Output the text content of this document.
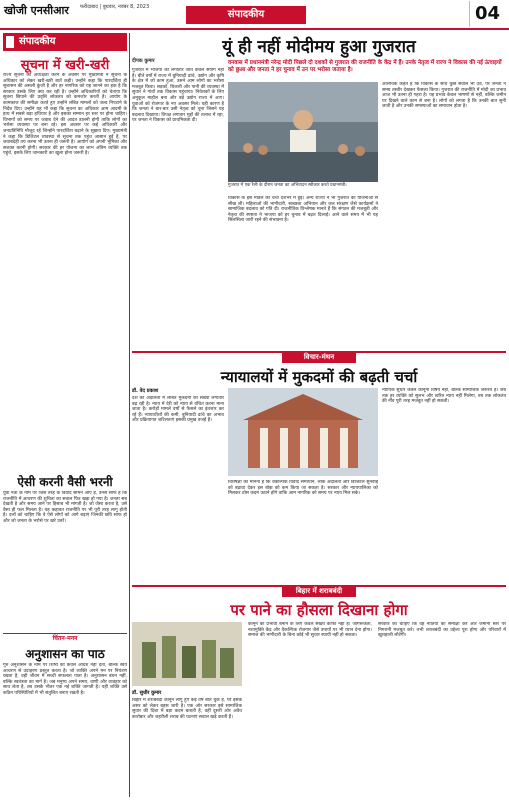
खोजी एनसीआर फरीदाबाद | बुधवार, नवंबर 8, 2023
संपादकीय	04
संपादकीय
सूचना में खरी-खरी
राज्य सूचना की अध्यक्षता करने के अवसर पर मुख्यमंत्री ने सूचना के अधिकार को लेकर खरी-खरी बातें कही। उन्होंने कहा कि पारदर्शिता ही सुशासन की असली कुंजी है और हर नागरिक को यह जानने का हक है कि सरकार उसके लिए क्या कर रही है। उन्होंने अधिकारियों को चेताया कि सूचना छिपाने की प्रवृत्ति लोकतंत्र को कमजोर करती है। आयोग के कामकाज की समीक्षा करते हुए उन्होंने लंबित मामलों को जल्द निपटाने के निर्देश दिए। उन्होंने यह भी कहा कि सूचना का अधिकार आम आदमी के हाथ में सबसे बड़ा हथियार है और इसका सम्मान हर स्तर पर होना चाहिए। विभागों को समय पर जवाब देने की आदत डालनी होगी ताकि लोगों का भरोसा व्यवस्था पर बना रहे। इस अवसर पर कई अधिकारी और जनप्रतिनिधि मौजूद रहे जिन्होंने पारदर्शिता बढ़ाने के सुझाव दिए। मुख्यमंत्री ने कहा कि डिजिटल व्यवस्था से सूचना तक पहुंच आसान हुई है, पर जवाबदेही तय करना भी उतना ही जरूरी है। आयोग को अपनी भूमिका और सशक्त करनी होगी। सरकार की हर योजना का लाभ अंतिम व्यक्ति तक पहुंचे, इसके लिए जानकारी का खुला होना जरूरी है।
ऐसी करनी वैसी भरनी
युवा नेता के नाम पर जिस तरह के विवाद सामने आए हैं, उनसे साफ है कि राजनीति में आचरण की शुचिता का सवाल फिर खड़ा हो गया है। जनता सब देखती है और समय आने पर हिसाब भी मांगती है। जो जैसा करता है, उसे वैसा ही फल मिलता है। यह कहावत राजनीति पर भी पूरी तरह लागू होती है। दलों को चाहिए कि वे ऐसे लोगों को आगे बढ़ाएं जिनकी छवि साफ हो और जो जनता के भरोसे पर खरे उतरें।
चिंतन-मनन
अनुशासन का पाठ
गुरु अनुशासन के नाम पर शिष्य को केवल आदेश नहीं देता, बल्कि स्वयं आचरण से उदाहरण प्रस्तुत करता है। जो व्यक्ति अपने मन पर नियंत्रण रखता है, वही जीवन में सच्ची सफलता पाता है। अनुशासन बंधन नहीं, बल्कि स्वतंत्रता का मार्ग है। जब मनुष्य अपने समय, वाणी और व्यवहार को साध लेता है, तब उसके भीतर एक नई शक्ति जागती है। यही शक्ति उसे कठिन परिस्थितियों में भी संतुलित बनाए रखती है।
यूं ही नहीं मोदीमय हुआ गुजरात
दीपक कुमार	वनवास में प्रधानमंत्री नरेन्द्र मोदी पिछले दो दशकों से गुजरात की राजनीति के केंद्र में हैं। उनके नेतृत्व में राज्य ने विकास की नई ऊंचाइयों को छुआ और जनता ने हर चुनाव में उन पर भरोसा जताया है।
गुजरात में भाजपा की लगातार जीत केवल संयोग नहीं है। बीते वर्षों में राज्य में बुनियादी ढांचे, उद्योग और कृषि के क्षेत्र में जो काम हुआ, उसने आम लोगों का भरोसा मजबूत किया। सड़कों, बिजली और पानी की व्यवस्था में सुधार ने गांवों तक विकास पहुंचाया। निवेशकों के लिए अनुकूल माहौल बना और बड़े उद्योग राज्य में आए। युवाओं को रोजगार के नए अवसर मिले। यही कारण है कि जनता ने बार-बार उसी नेतृत्व को चुना जिसने यह बदलाव दिखाया। विपक्ष लगातार मुद्दों की तलाश में रहा, पर जनता ने विकास को प्राथमिकता दी।
गुजरात में एक रैली के दौरान जनता का अभिवादन स्वीकार करते प्रधानमंत्री।
विकास के इस मॉडल की चर्चा देशभर में हुई। अन्य राज्यों ने भी गुजरात की योजनाओं से सीख ली। महिलाओं की भागीदारी, स्वच्छता अभियान और जल संरक्षण जैसे कार्यक्रमों ने सामाजिक बदलाव को गति दी। राजनीतिक विश्लेषक मानते हैं कि संगठन की मजबूती और नेतृत्व की स्पष्टता ने भाजपा को हर चुनाव में बढ़त दिलाई। आने वाले समय में भी यह सिलसिला जारी रहने की संभावना है।
आलोचक कहते हैं कि विकास के साथ कुछ सवाल भी उठे, पर जनता ने समग्र तस्वीर देखकर फैसला किया। गुजरात की राजनीति में मोदी का प्रभाव आज भी उतना ही गहरा है। यह प्रभाव केवल भाषणों से नहीं, बल्कि जमीन पर दिखने वाले काम से बना है। लोगों को लगता है कि उनकी बात सुनी जाती है और उनकी समस्याओं का समाधान होता है।
विचार-मंथन
न्यायालयों में मुकदमों की बढ़ती चर्चा
डॉ. वेद प्रकाश
देश की अदालतों में लंबित मुकदमों की संख्या लगातार बढ़ रही है। न्याय में देरी को न्याय से वंचित करना माना जाता है। करोड़ों मामले वर्षों से फैसले का इंतजार कर रहे हैं। न्यायाधीशों की कमी, बुनियादी ढांचे का अभाव और प्रक्रियागत जटिलताएं इसकी प्रमुख वजहें हैं।
विशेषज्ञों का मानना है कि वैकल्पिक विवाद समाधान, लोक अदालतों और डिजिटल सुनवाई को बढ़ावा देकर इस बोझ को कम किया जा सकता है। सरकार और न्यायपालिका को मिलकर ठोस कदम उठाने होंगे ताकि आम नागरिक को समय पर न्याय मिल सके।
न्यायिक सुधार केवल कानूनी विषय नहीं, बल्कि सामाजिक जरूरत है। जब तक हर व्यक्ति को सुलभ और त्वरित न्याय नहीं मिलेगा, तब तक लोकतंत्र की नींव पूरी तरह मजबूत नहीं हो सकती।
बिहार में शराबबंदी
पर पाने का हौसला दिखाना होगा
डॉ. सुधीर कुमार
बिहार में शराबबंदी कानून लागू हुए कई वर्ष बीत चुके हैं, पर इसके असर को लेकर बहस जारी है। एक ओर सरकार इसे सामाजिक सुधार की दिशा में बड़ा कदम बताती है, वहीं दूसरी ओर अवैध कारोबार और जहरीली शराब की घटनाएं सवाल खड़े करती हैं।
कानून को प्रभावी बनाने के लिए केवल सख्ती काफी नहीं है। जागरूकता, नशामुक्ति केंद्र और वैकल्पिक रोजगार जैसे उपायों पर भी ध्यान देना होगा। समाज की भागीदारी के बिना कोई भी सुधार स्थायी नहीं हो सकता।
सरकार को चाहिए कि वह नीतियों की समीक्षा करे और जमीनी स्तर पर निगरानी मजबूत करे। तभी शराबबंदी का उद्देश्य पूरा होगा और परिवारों में खुशहाली लौटेगी।
